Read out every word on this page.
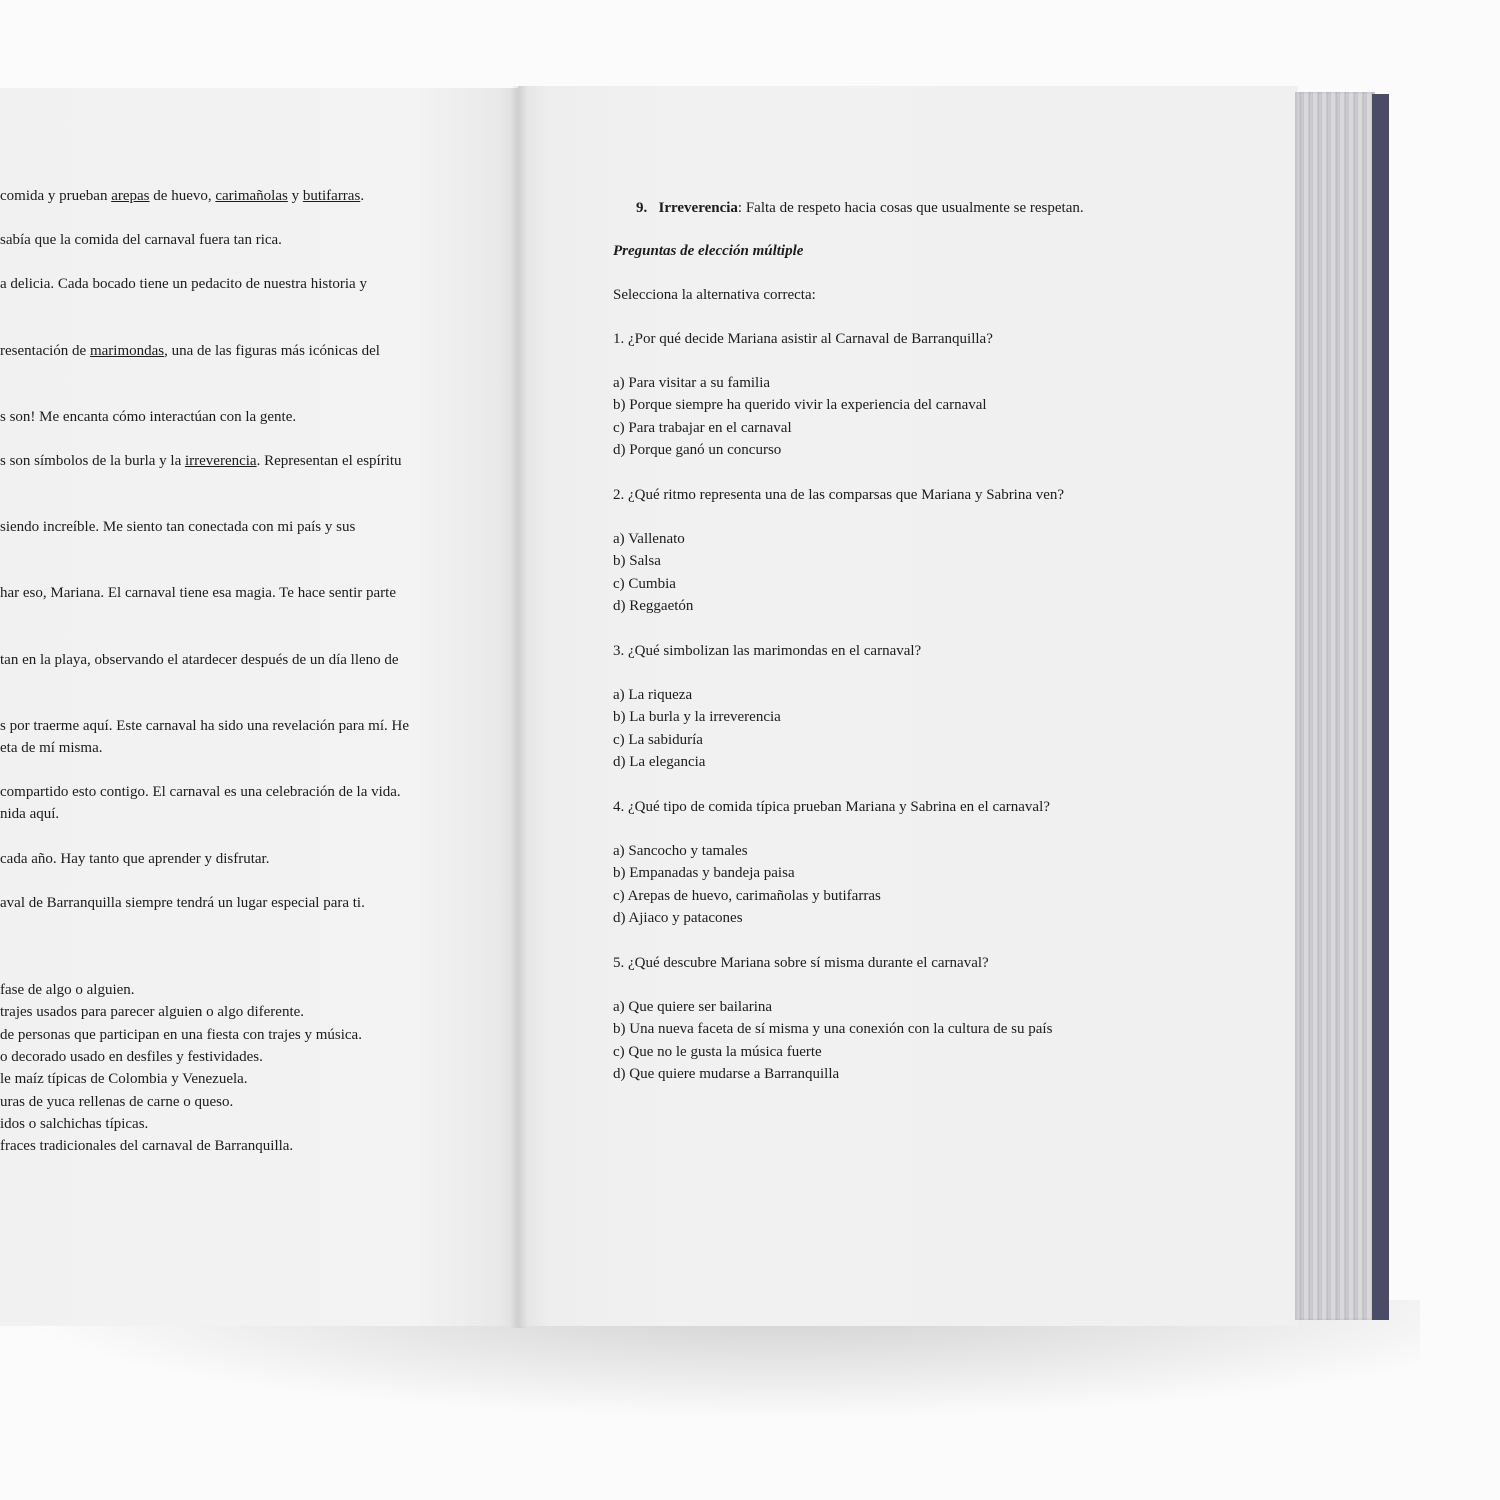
comida y prueban arepas de huevo, carimañolas y butifarras.
sabía que la comida del carnaval fuera tan rica.
a delicia. Cada bocado tiene un pedacito de nuestra historia y
resentación de marimondas, una de las figuras más icónicas del
s son! Me encanta cómo interactúan con la gente.
s son símbolos de la burla y la irreverencia. Representan el espíritu
siendo increíble. Me siento tan conectada con mi país y sus
har eso, Mariana. El carnaval tiene esa magia. Te hace sentir parte
tan en la playa, observando el atardecer después de un día lleno de
s por traerme aquí. Este carnaval ha sido una revelación para mí. He
eta de mí misma.
compartido esto contigo. El carnaval es una celebración de la vida.
nida aquí.
cada año. Hay tanto que aprender y disfrutar.
aval de Barranquilla siempre tendrá un lugar especial para ti.
fase de algo o alguien.
trajes usados para parecer alguien o algo diferente.
de personas que participan en una fiesta con trajes y música.
o decorado usado en desfiles y festividades.
le maíz típicas de Colombia y Venezuela.
uras de yuca rellenas de carne o queso.
idos o salchichas típicas.
fraces tradicionales del carnaval de Barranquilla.
9. Irreverencia: Falta de respeto hacia cosas que usualmente se respetan.
Preguntas de elección múltiple
Selecciona la alternativa correcta:
1. ¿Por qué decide Mariana asistir al Carnaval de Barranquilla?
a) Para visitar a su familia
b) Porque siempre ha querido vivir la experiencia del carnaval
c) Para trabajar en el carnaval
d) Porque ganó un concurso
2. ¿Qué ritmo representa una de las comparsas que Mariana y Sabrina ven?
a) Vallenato
b) Salsa
c) Cumbia
d) Reggaetón
3. ¿Qué simbolizan las marimondas en el carnaval?
a) La riqueza
b) La burla y la irreverencia
c) La sabiduría
d) La elegancia
4. ¿Qué tipo de comida típica prueban Mariana y Sabrina en el carnaval?
a) Sancocho y tamales
b) Empanadas y bandeja paisa
c) Arepas de huevo, carimañolas y butifarras
d) Ajiaco y patacones
5. ¿Qué descubre Mariana sobre sí misma durante el carnaval?
a) Que quiere ser bailarina
b) Una nueva faceta de sí misma y una conexión con la cultura de su país
c) Que no le gusta la música fuerte
d) Que quiere mudarse a Barranquilla
